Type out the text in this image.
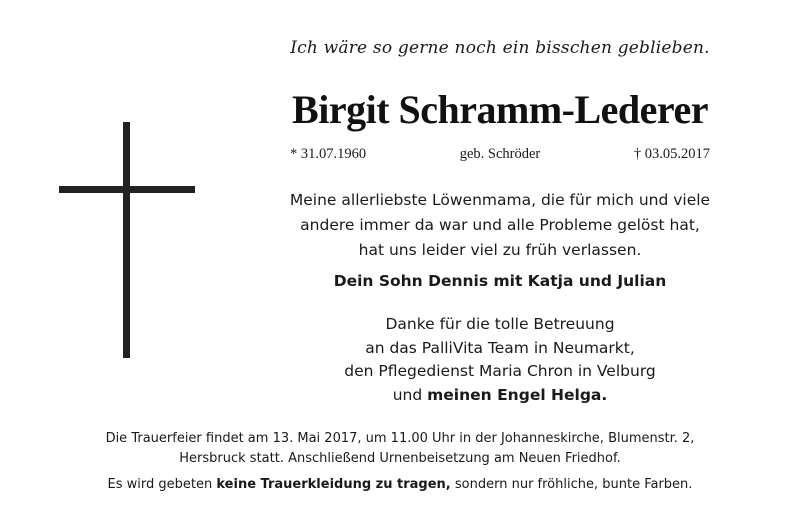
Ich wäre so gerne noch ein bisschen geblieben.
Birgit Schramm-Lederer
* 31.07.1960	geb. Schröder	† 03.05.2017
Meine allerliebste Löwenmama, die für mich und viele
andere immer da war und alle Probleme gelöst hat,
hat uns leider viel zu früh verlassen.
Dein Sohn Dennis mit Katja und Julian
Danke für die tolle Betreuung
an das PalliVita Team in Neumarkt,
den Pflegedienst Maria Chron in Velburg
und meinen Engel Helga.
Die Trauerfeier findet am 13. Mai 2017, um 11.00 Uhr in der Johanneskirche, Blumenstr. 2,
Hersbruck statt. Anschließend Urnenbeisetzung am Neuen Friedhof.
Es wird gebeten keine Trauerkleidung zu tragen, sondern nur fröhliche, bunte Farben.
